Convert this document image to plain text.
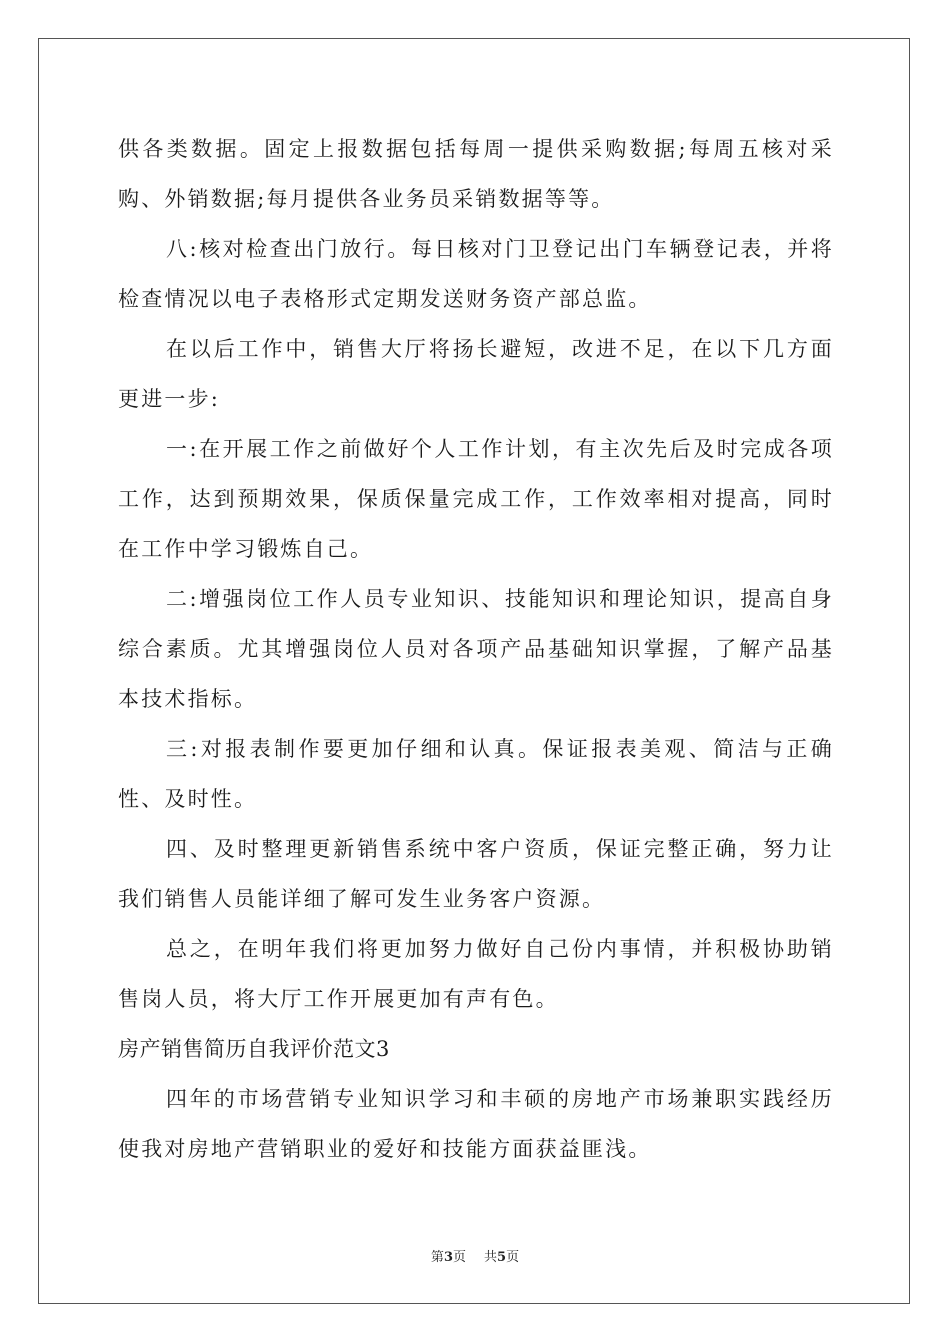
供各类数据。固定上报数据包括每周一提供采购数据;每周五核对采购、外销数据;每月提供各业务员采销数据等等。

八:核对检查出门放行。每日核对门卫登记出门车辆登记表，并将检查情况以电子表格形式定期发送财务资产部总监。

在以后工作中，销售大厅将扬长避短，改进不足，在以下几方面更进一步:

一:在开展工作之前做好个人工作计划，有主次先后及时完成各项工作，达到预期效果，保质保量完成工作，工作效率相对提高，同时在工作中学习锻炼自己。

二:增强岗位工作人员专业知识、技能知识和理论知识，提高自身综合素质。尤其增强岗位人员对各项产品基础知识掌握，了解产品基本技术指标。

三:对报表制作要更加仔细和认真。保证报表美观、简洁与正确性、及时性。

四、及时整理更新销售系统中客户资质，保证完整正确，努力让我们销售人员能详细了解可发生业务客户资源。

总之，在明年我们将更加努力做好自己份内事情，并积极协助销售岗人员，将大厅工作开展更加有声有色。

房产销售简历自我评价范文3

四年的市场营销专业知识学习和丰硕的房地产市场兼职实践经历使我对房地产营销职业的爱好和技能方面获益匪浅。

第3页 共5页
